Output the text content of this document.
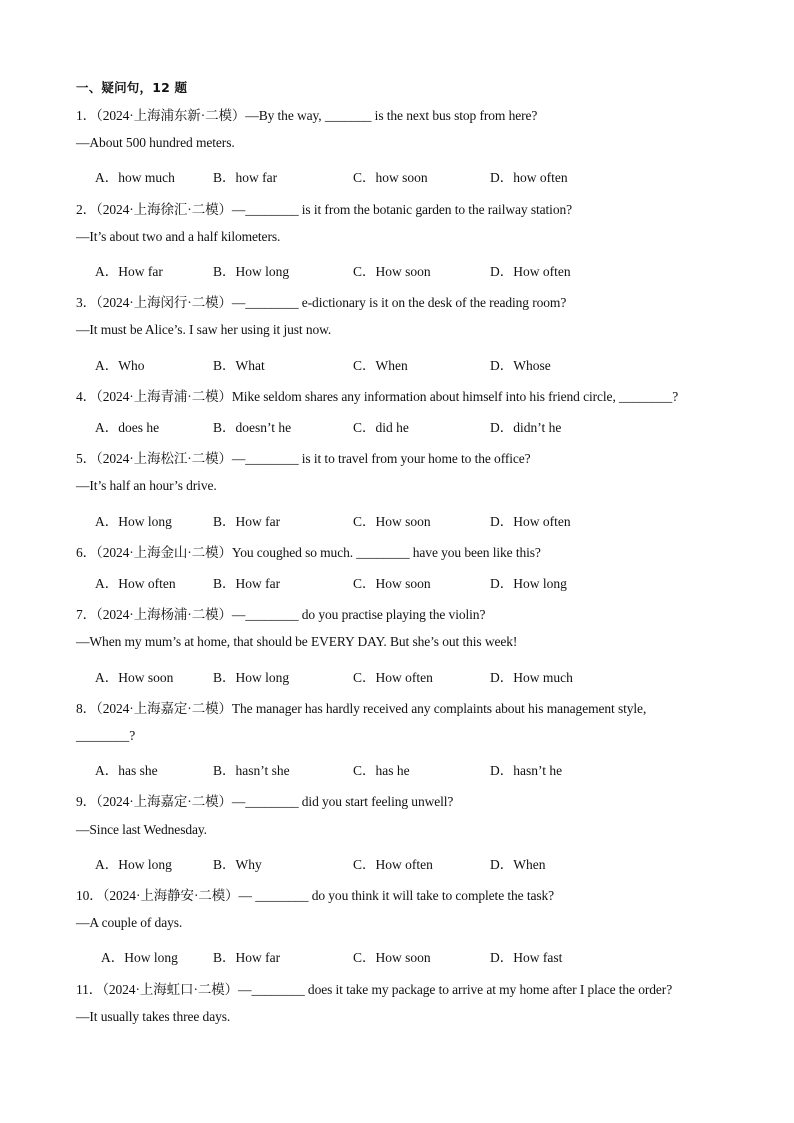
一、疑问句，12 题
1．（2024·上海浦东新·二模）—By the way, _______ is the next bus stop from here?
—About 500 hundred meters.
A．how much	B．how far	C．how soon	D．how often
2．（2024·上海徐汇·二模）—________ is it from the botanic garden to the railway station?
—It’s about two and a half kilometers.
A．How far	B．How long	C．How soon	D．How often
3．（2024·上海闵行·二模）—________ e-dictionary is it on the desk of the reading room?
—It must be Alice’s. I saw her using it just now.
A．Who	B．What	C．When	D．Whose
4．（2024·上海青浦·二模）Mike seldom shares any information about himself into his friend circle, ________?
A．does he	B．doesn’t he	C．did he	D．didn’t he
5．（2024·上海松江·二模）—________ is it to travel from your home to the office?
—It’s half an hour’s drive.
A．How long	B．How far	C．How soon	D．How often
6．（2024·上海金山·二模）You coughed so much. ________ have you been like this?
A．How often	B．How far	C．How soon	D．How long
7．（2024·上海杨浦·二模）—________ do you practise playing the violin?
—When my mum’s at home, that should be EVERY DAY. But she’s out this week!
A．How soon	B．How long	C．How often	D．How much
8．（2024·上海嘉定·二模）The manager has hardly received any complaints about his management style,
________?
A．has she	B．hasn’t she	C．has he	D．hasn’t he
9．（2024·上海嘉定·二模）—________ did you start feeling unwell?
—Since last Wednesday.
A．How long	B．Why	C．How often	D．When
10．（2024·上海静安·二模）— ________ do you think it will take to complete the task?
—A couple of days.
A．How long	B．How far	C．How soon	D．How fast
11．（2024·上海虹口·二模）—________ does it take my package to arrive at my home after I place the order?
—It usually takes three days.
